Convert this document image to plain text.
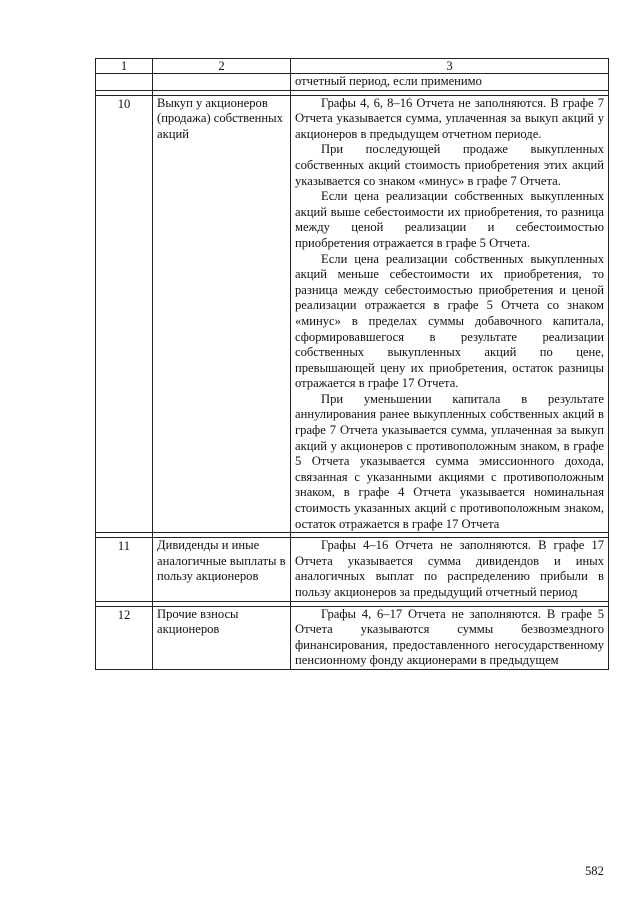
1	2	3
		отчетный период, если применимо

10	Выкуп у акционеров (продажа) собственных акций	Графы 4, 6, 8–16 Отчета не заполняются. В графе 7 Отчета указывается сумма, уплаченная за выкуп акций у акционеров в предыдущем отчетном периоде.

При последующей продаже выкупленных собственных акций стоимость приобретения этих акций указывается со знаком «минус» в графе 7 Отчета.

Если цена реализации собственных выкупленных акций выше себестоимости их приобретения, то разница между ценой реализации и себестоимостью приобретения отражается в графе 5 Отчета.

Если цена реализации собственных выкупленных акций меньше себестоимости их приобретения, то разница между себестоимостью приобретения и ценой реализации отражается в графе 5 Отчета со знаком «минус» в пределах суммы добавочного капитала, сформировавшегося в результате реализации собственных выкупленных акций по цене, превышающей цену их приобретения, остаток разницы отражается в графе 17 Отчета.

При уменьшении капитала в результате аннулирования ранее выкупленных собственных акций в графе 7 Отчета указывается сумма, уплаченная за выкуп акций у акционеров с противоположным знаком, в графе 5 Отчета указывается сумма эмиссионного дохода, связанная с указанными акциями с противоположным знаком, в графе 4 Отчета указывается номинальная стоимость указанных акций с противоположным знаком, остаток отражается в графе 17 Отчета

11	Дивиденды и иные аналогичные выплаты в пользу акционеров	Графы 4–16 Отчета не заполняются. В графе 17 Отчета указывается сумма дивидендов и иных аналогичных выплат по распределению прибыли в пользу акционеров за предыдущий отчетный период

12	Прочие взносы акционеров	Графы 4, 6–17 Отчета не заполняются. В графе 5 Отчета указываются суммы безвозмездного финансирования, предоставленного негосударственному пенсионному фонду акционерами в предыдущем

582
